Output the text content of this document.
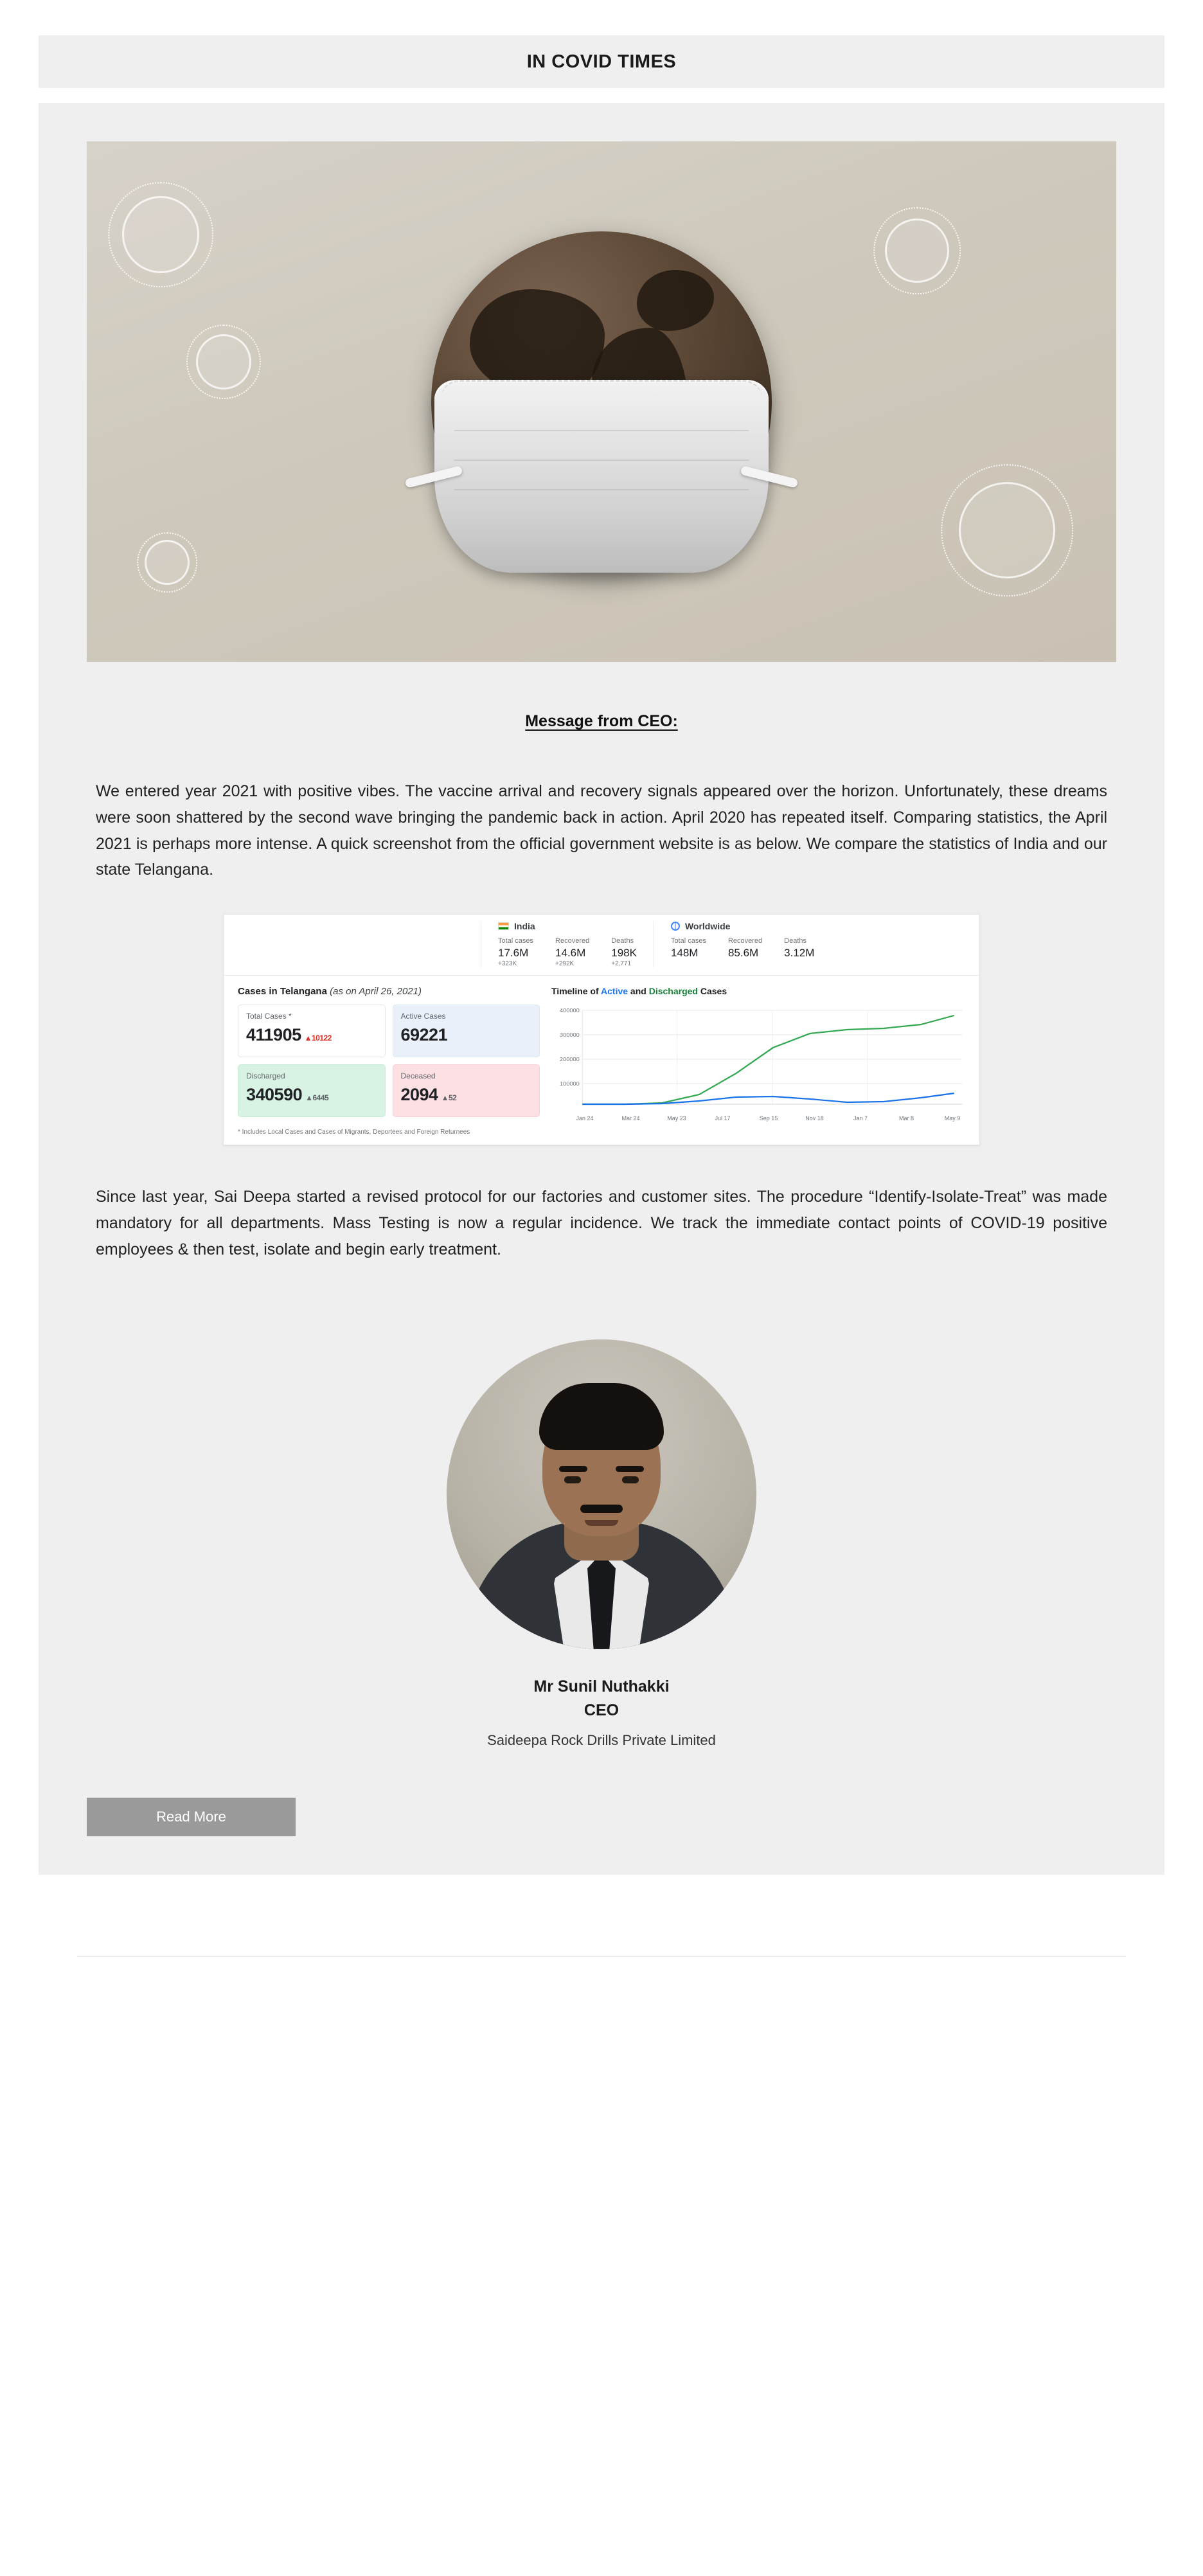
IN COVID TIMES
Message from CEO:

We entered year 2021 with positive vibes. The vaccine arrival and recovery signals appeared over the horizon. Unfortunately, these dreams were soon shattered by the second wave bringing the pandemic back in action. April 2020 has repeated itself. Comparing statistics, the April 2021 is perhaps more intense. A quick screenshot from the official government website is as below. We compare the statistics of India and our state Telangana.

India
Total cases
17.6M
+323K
Recovered
14.6M
+292K
Deaths
198K
+2,771
Worldwide
Total cases
148M
Recovered
85.6M
Deaths
3.12M
Cases in Telangana (as on April 26, 2021)
Total Cases *
411905 ▲10122
Active Cases
69221
Discharged
340590 ▲6445
Deceased
2094 ▲52
* Includes Local Cases and Cases of Migrants, Deportees and Foreign Returnees
Timeline of Active and Discharged Cases
400000
300000
200000
100000
Jan 24	Mar 24	May 23	Jul 17	Sep 15	Nov 18	Jan 7	Mar 8	May 9

Since last year, Sai Deepa started a revised protocol for our factories and customer sites. The procedure “Identify-Isolate-Treat” was made mandatory for all departments. Mass Testing is now a regular incidence. We track the immediate contact points of COVID-19 positive employees & then test, isolate and begin early treatment.

Mr Sunil Nuthakki
CEO
Saideepa Rock Drills Private Limited
Read More
